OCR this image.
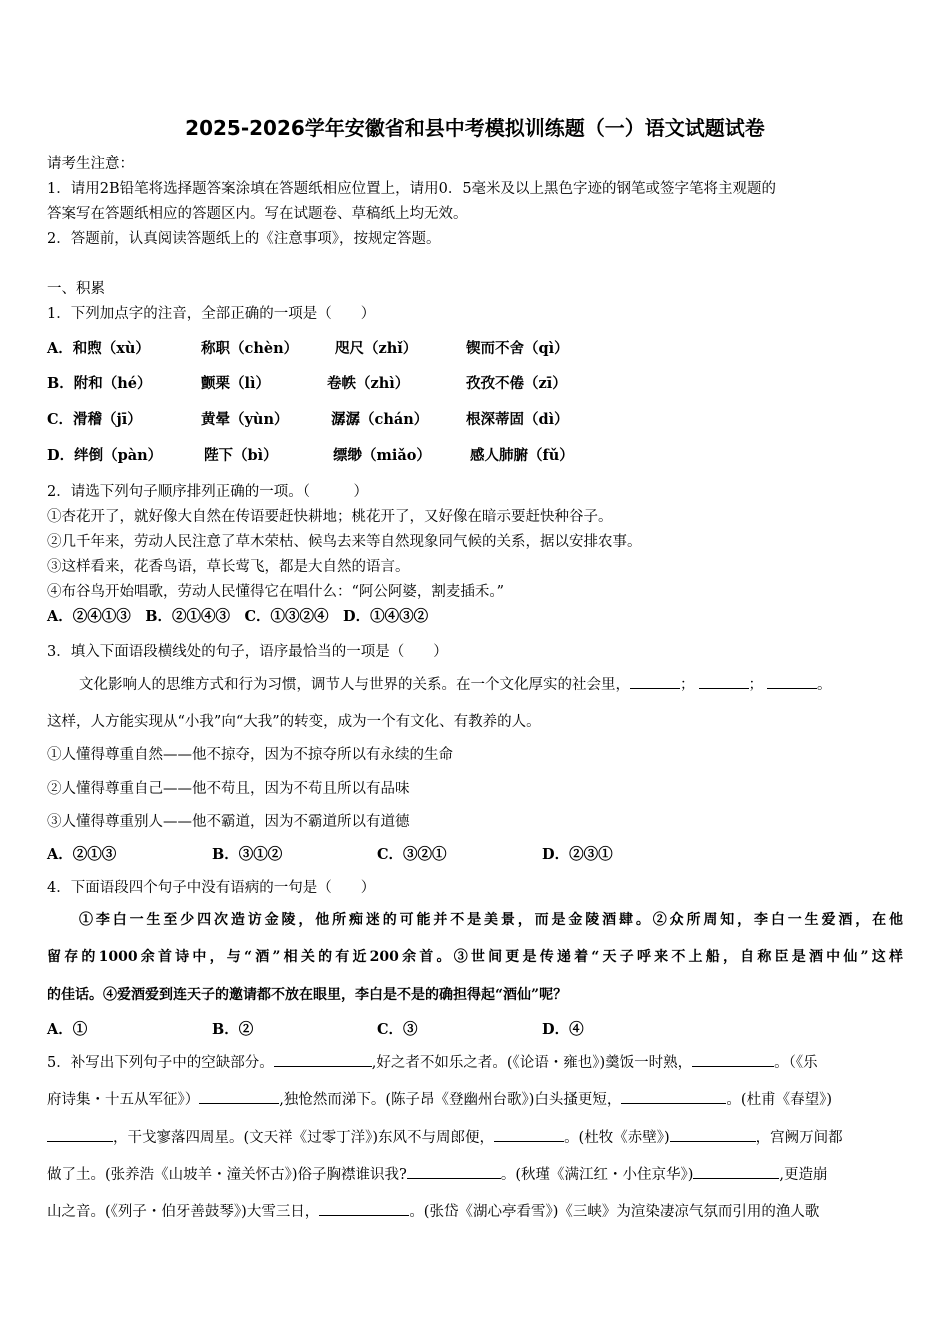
2025-2026学年安徽省和县中考模拟训练题（一）语文试题试卷
请考生注意：
1．请用2B铅笔将选择题答案涂填在答题纸相应位置上，请用0．5毫米及以上黑色字迹的钢笔或签字笔将主观题的
答案写在答题纸相应的答题区内。写在试题卷、草稿纸上均无效。
2．答题前，认真阅读答题纸上的《注意事项》，按规定答题。
一、积累
1．下列加点字的注音，全部正确的一项是（　　）
A．和煦（xù）	称职（chèn）	咫尺（zhǐ）	锲而不舍（qì）
B．附和（hé）	颤栗（lì）	卷帙（zhì）	孜孜不倦（zī）
C．滑稽（jī）	黄晕（yùn）	潺潺（chán）	根深蒂固（dì）
D．绊倒（pàn）	陛下（bì）	缥缈（miǎo）	感人肺腑（fǔ）
2．请选下列句子顺序排列正确的一项。（　　　）
①杏花开了，就好像大自然在传语要赶快耕地；桃花开了，又好像在暗示要赶快种谷子。
②几千年来，劳动人民注意了草木荣枯、候鸟去来等自然现象同气候的关系，据以安排农事。
③这样看来，花香鸟语，草长莺飞，都是大自然的语言。
④布谷鸟开始唱歌，劳动人民懂得它在唱什么：“阿公阿婆，割麦插禾。”
A．②④①③　B．②①④③　C．①③②④　D．①④③②
3．填入下面语段横线处的句子，语序最恰当的一项是（　　）
文化影响人的思维方式和行为习惯，调节人与世界的关系。在一个文化厚实的社会里，	；	；	。
这样，人方能实现从“小我”向“大我”的转变，成为一个有文化、有教养的人。
①人懂得尊重自然——他不掠夺，因为不掠夺所以有永续的生命
②人懂得尊重自己——他不苟且，因为不苟且所以有品味
③人懂得尊重别人——他不霸道，因为不霸道所以有道德
A．②①③	B．③①②	C．③②①	D．②③①
4．下面语段四个句子中没有语病的一句是（　　）
①李白一生至少四次造访金陵，他所痴迷的可能并不是美景，而是金陵酒肆。②众所周知，李白一生爱酒，在他
留存的1000余首诗中，与“酒”相关的有近200余首。③世间更是传递着“天子呼来不上船，自称臣是酒中仙”这样
的佳话。④爱酒爱到连天子的邀请都不放在眼里，李白是不是的确担得起“酒仙”呢？
A．①	B．②	C．③	D．④
5．补写出下列句子中的空缺部分。	,好之者不如乐之者。(《论语・雍也》)羹饭一时熟，	。（《乐
府诗集・十五从军征》）	,独怆然而涕下。(陈子昂《登幽州台歌》)白头搔更短，	。(杜甫《春望》)
，干戈寥落四周星。(文天祥《过零丁洋》)东风不与周郎便，	。(杜牧《赤壁》)	，宫阙万间都
做了土。(张养浩《山坡羊・潼关怀古》)俗子胸襟谁识我?	。(秋瑾《满江红・小住京华》)	,更造崩
山之音。(《列子・伯牙善鼓琴》)大雪三日，	。(张岱《湖心亭看雪》)《三峡》为渲染凄凉气氛而引用的渔人歌
